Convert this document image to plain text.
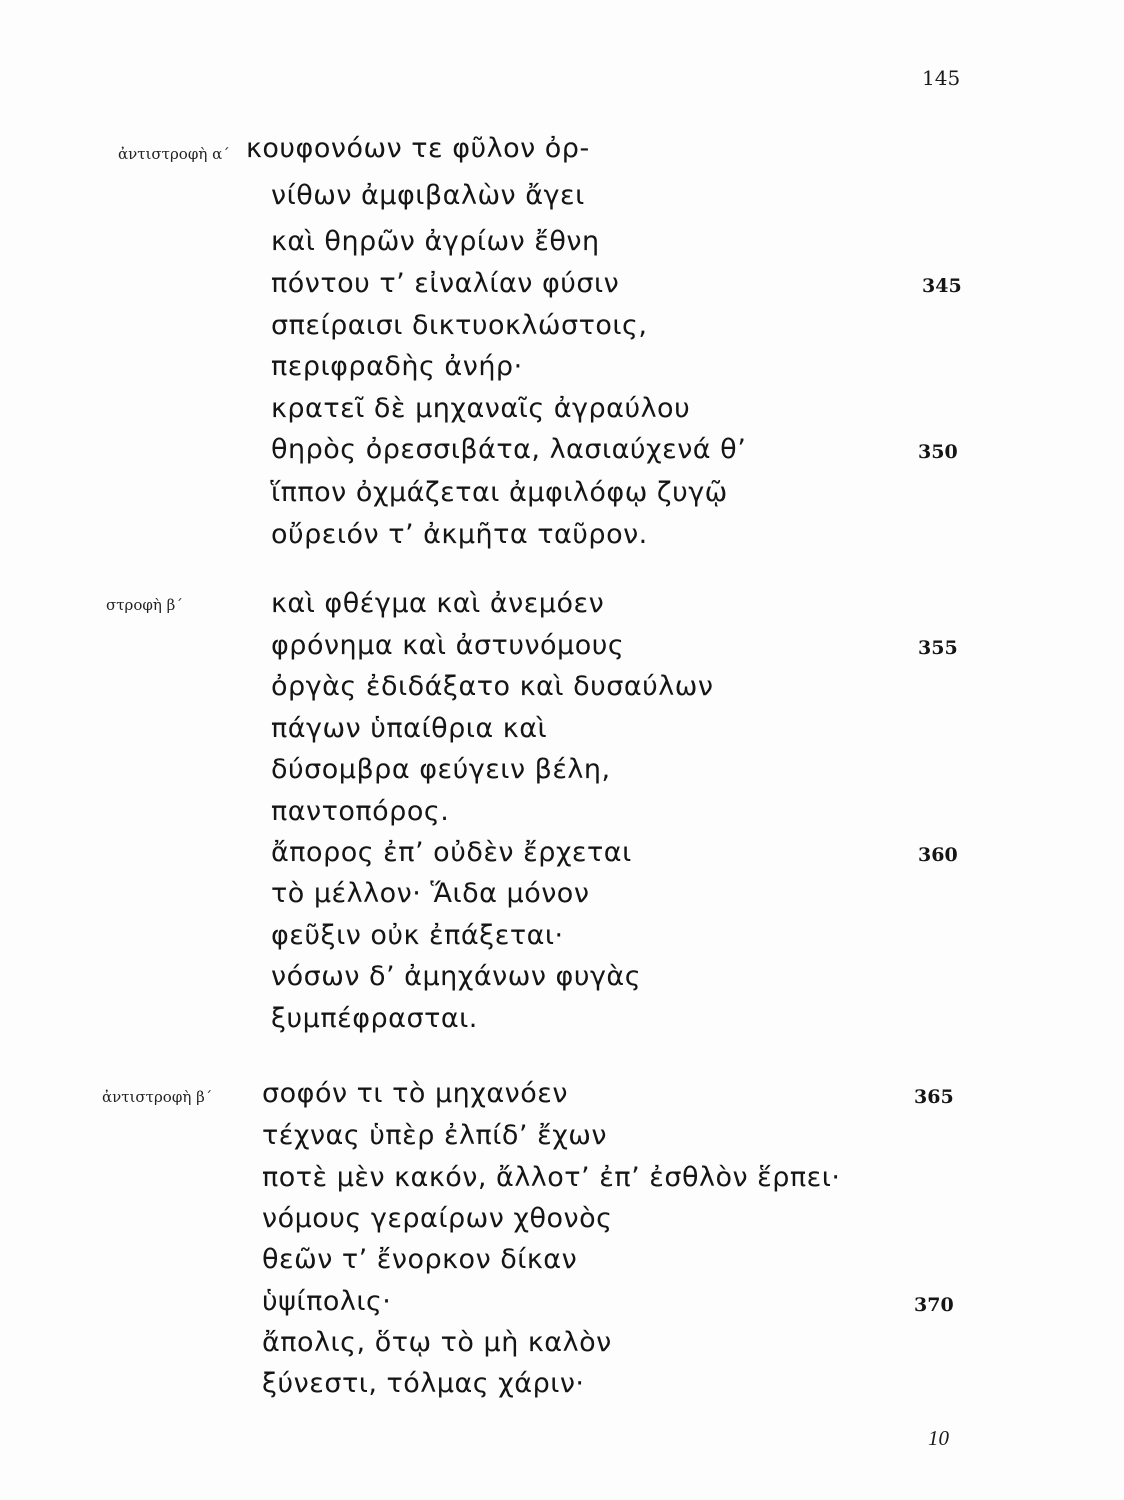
145
ἀντιστροφὴ α΄ κουφονόων τε φῦλον ὀρ-
νίθων ἀμφιβαλὼν ἄγει
καὶ θηρῶν ἀγρίων ἔθνη
πόντου τ’ εἰναλίαν φύσιν	345
σπείραισι δικτυοκλώστοις,
περιφραδὴς ἀνήρ·
κρατεῖ δὲ μηχαναῖς ἀγραύλου
θηρὸς ὀρεσσιβάτα, λασιαύχενά θ’	350
ἵππον ὀχμάζεται ἀμφιλόφῳ ζυγῷ
οὔρειόν τ’ ἀκμῆτα ταῦρον.
στροφὴ β΄	καὶ φθέγμα καὶ ἀνεμόεν
φρόνημα καὶ ἀστυνόμους	355
ὀργὰς ἐδιδάξατο καὶ δυσαύλων
πάγων ὑπαίθρια καὶ
δύσομβρα φεύγειν βέλη,
παντοπόρος.
ἄπορος ἐπ’ οὐδὲν ἔρχεται	360
τὸ μέλλον· Ἅιδα μόνον
φεῦξιν οὐκ ἐπάξεται·
νόσων δ’ ἀμηχάνων φυγὰς
ξυμπέφρασται.
ἀντιστροφὴ β΄ σοφόν τι τὸ μηχανόεν	365
τέχνας ὑπὲρ ἐλπίδ’ ἔχων
ποτὲ μὲν κακόν, ἄλλοτ’ ἐπ’ ἐσθλὸν ἕρπει·
νόμους γεραίρων χθονὸς
θεῶν τ’ ἔνορκον δίκαν
ὑψίπολις·	370
ἄπολις, ὅτῳ τὸ μὴ καλὸν
ξύνεστι, τόλμας χάριν·
10
